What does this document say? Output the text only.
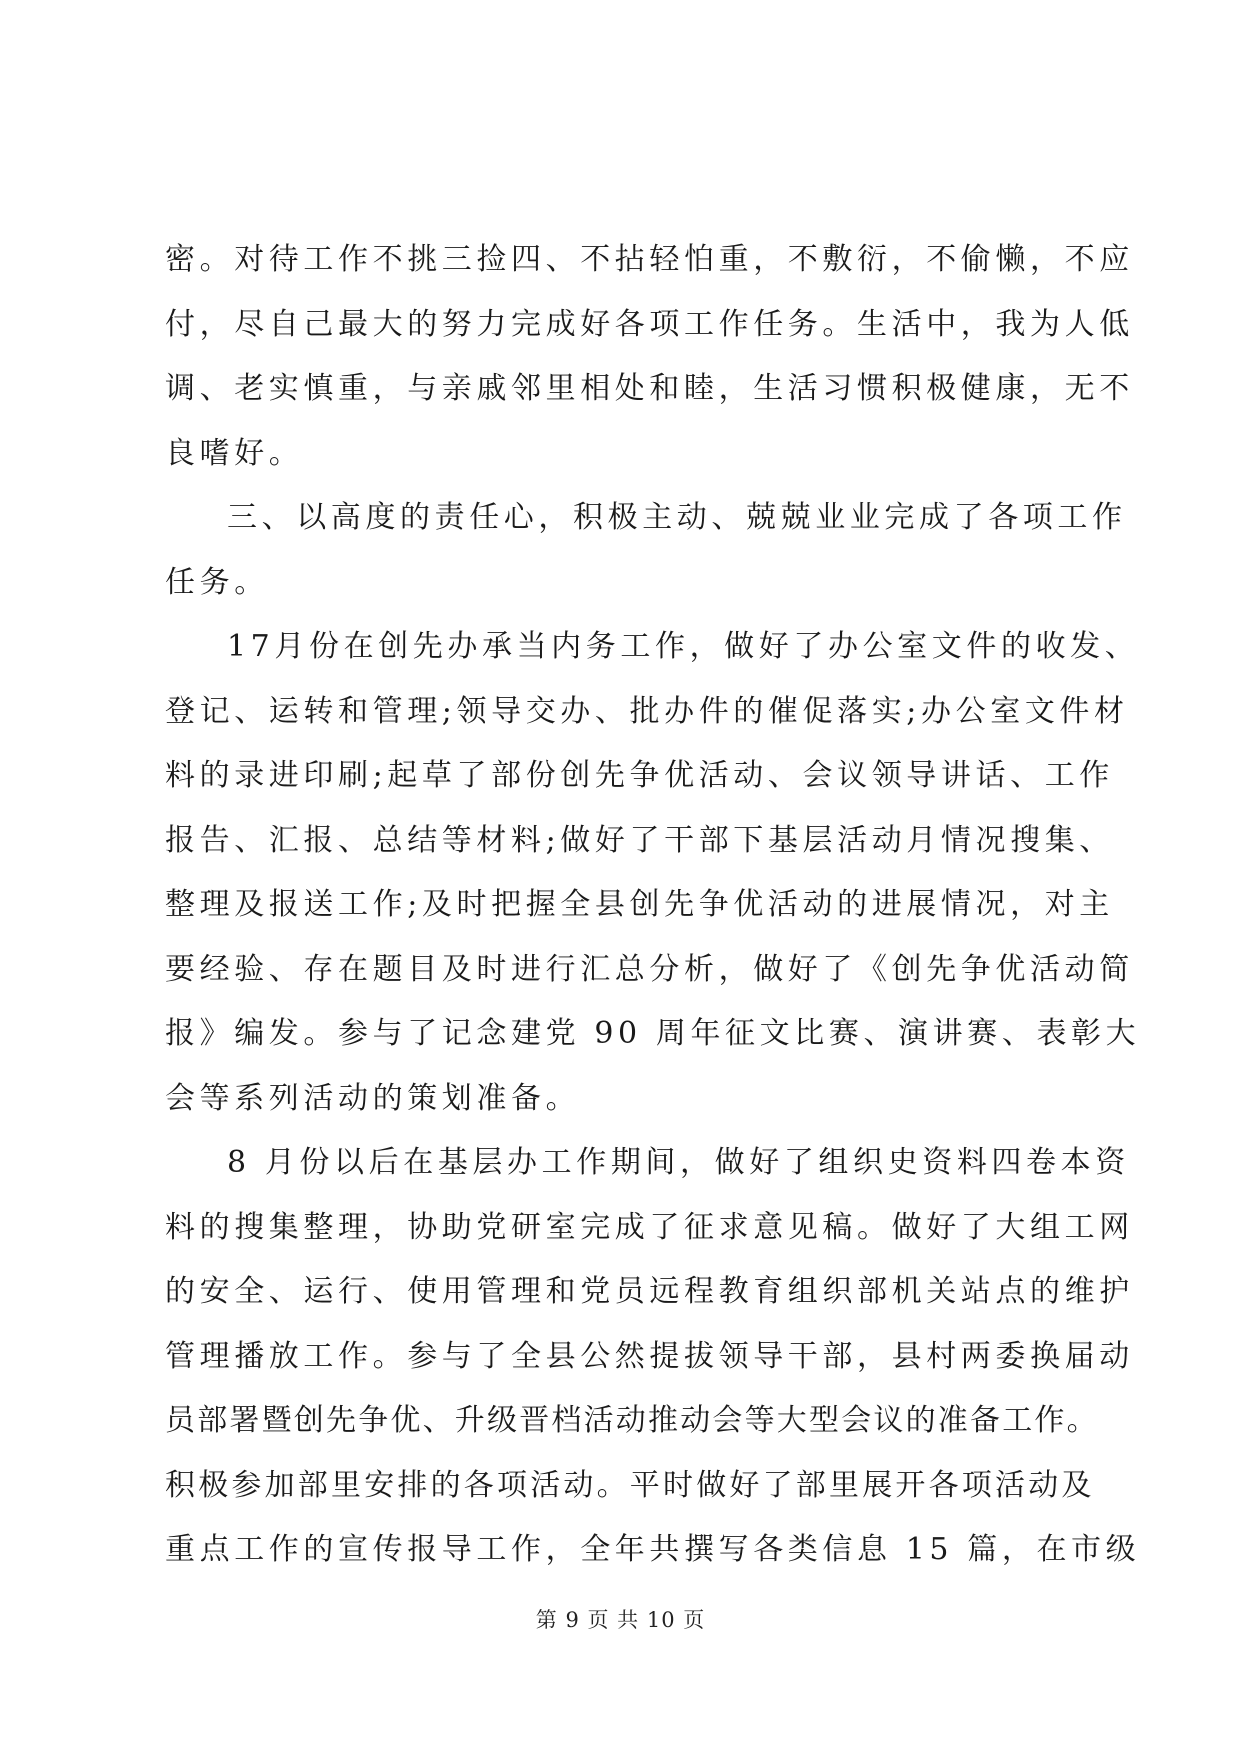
密。对待工作不挑三捡四、不拈轻怕重，不敷衍，不偷懒，不应
付，尽自己最大的努力完成好各项工作任务。生活中，我为人低
调、老实慎重，与亲戚邻里相处和睦，生活习惯积极健康，无不
良嗜好。
三、以高度的责任心，积极主动、兢兢业业完成了各项工作
任务。
17月份在创先办承当内务工作，做好了办公室文件的收发、
登记、运转和管理;领导交办、批办件的催促落实;办公室文件材
料的录进印刷;起草了部份创先争优活动、会议领导讲话、工作
报告、汇报、总结等材料;做好了干部下基层活动月情况搜集、
整理及报送工作;及时把握全县创先争优活动的进展情况，对主
要经验、存在题目及时进行汇总分析，做好了《创先争优活动简
报》编发。参与了记念建党 90 周年征文比赛、演讲赛、表彰大
会等系列活动的策划准备。
8 月份以后在基层办工作期间，做好了组织史资料四卷本资
料的搜集整理，协助党研室完成了征求意见稿。做好了大组工网
的安全、运行、使用管理和党员远程教育组织部机关站点的维护
管理播放工作。参与了全县公然提拔领导干部，县村两委换届动
员部署暨创先争优、升级晋档活动推动会等大型会议的准备工作。
积极参加部里安排的各项活动。平时做好了部里展开各项活动及
重点工作的宣传报导工作，全年共撰写各类信息 15 篇，在市级
第 9 页 共 10 页
